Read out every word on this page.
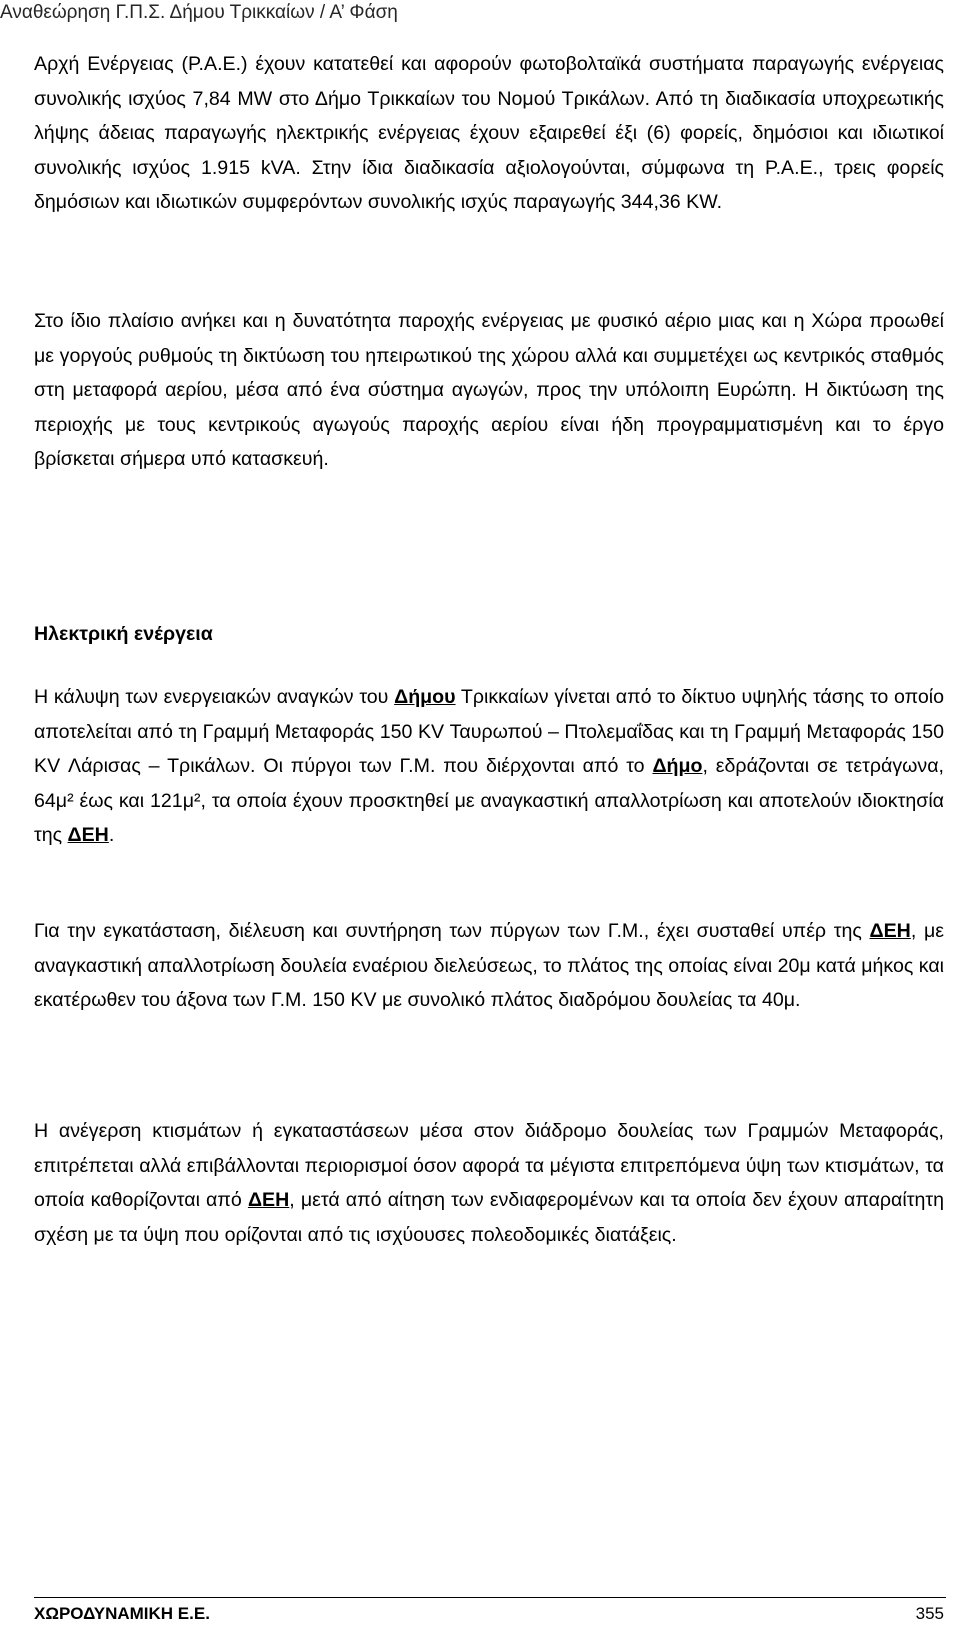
Αναθεώρηση Γ.Π.Σ. Δήμου Τρικκαίων / Α’ Φάση

Αρχή Ενέργειας (Ρ.Α.Ε.) έχουν κατατεθεί και αφορούν φωτοβολταϊκά συστήματα παραγωγής ενέργειας συνολικής ισχύος 7,84 MW στο Δήμο Τρικκαίων του Νομού Τρικάλων. Από τη διαδικασία υποχρεωτικής λήψης άδειας παραγωγής ηλεκτρικής ενέργειας έχουν εξαιρεθεί έξι (6) φορείς, δημόσιοι και ιδιωτικοί συνολικής ισχύος 1.915 kVA. Στην ίδια διαδικασία αξιολογούνται, σύμφωνα τη Ρ.Α.Ε., τρεις φορείς δημόσιων και ιδιωτικών συμφερόντων συνολικής ισχύς παραγωγής 344,36 KW.

Στο ίδιο πλαίσιο ανήκει και η δυνατότητα παροχής ενέργειας με φυσικό αέριο μιας και η Χώρα προωθεί με γοργούς ρυθμούς τη δικτύωση του ηπειρωτικού της χώρου αλλά και συμμετέχει ως κεντρικός σταθμός στη μεταφορά αερίου, μέσα από ένα σύστημα αγωγών, προς την υπόλοιπη Ευρώπη. Η δικτύωση της περιοχής με τους κεντρικούς αγωγούς παροχής αερίου είναι ήδη προγραμματισμένη και το έργο βρίσκεται σήμερα υπό κατασκευή.

Ηλεκτρική ενέργεια

Η κάλυψη των ενεργειακών αναγκών του Δήμου Τρικκαίων γίνεται από το δίκτυο υψηλής τάσης το οποίο αποτελείται από τη Γραμμή Μεταφοράς 150 KV Ταυρωπού – Πτολεμαΐδας και τη Γραμμή Μεταφοράς 150 KV Λάρισας – Τρικάλων. Οι πύργοι των Γ.Μ. που διέρχονται από το Δήμο, εδράζονται σε τετράγωνα, 64μ² έως και 121μ², τα οποία έχουν προσκτηθεί με αναγκαστική απαλλοτρίωση και αποτελούν ιδιοκτησία της ΔΕΗ.

Για την εγκατάσταση, διέλευση και συντήρηση των πύργων των Γ.Μ., έχει συσταθεί υπέρ της ΔΕΗ, με αναγκαστική απαλλοτρίωση δουλεία εναέριου διελεύσεως, το πλάτος της οποίας είναι 20μ κατά μήκος και εκατέρωθεν του άξονα των Γ.Μ. 150 KV με συνολικό πλάτος διαδρόμου δουλείας τα 40μ.

Η ανέγερση κτισμάτων ή εγκαταστάσεων μέσα στον διάδρομο δουλείας των Γραμμών Μεταφοράς, επιτρέπεται αλλά επιβάλλονται περιορισμοί όσον αφορά τα μέγιστα επιτρεπόμενα ύψη των κτισμάτων, τα οποία καθορίζονται από ΔΕΗ, μετά από αίτηση των ενδιαφερομένων και τα οποία δεν έχουν απαραίτητη σχέση με τα ύψη που ορίζονται από τις ισχύουσες πολεοδομικές διατάξεις.

ΧΩΡΟΔΥΝΑΜΙΚΗ Ε.Ε.	355
